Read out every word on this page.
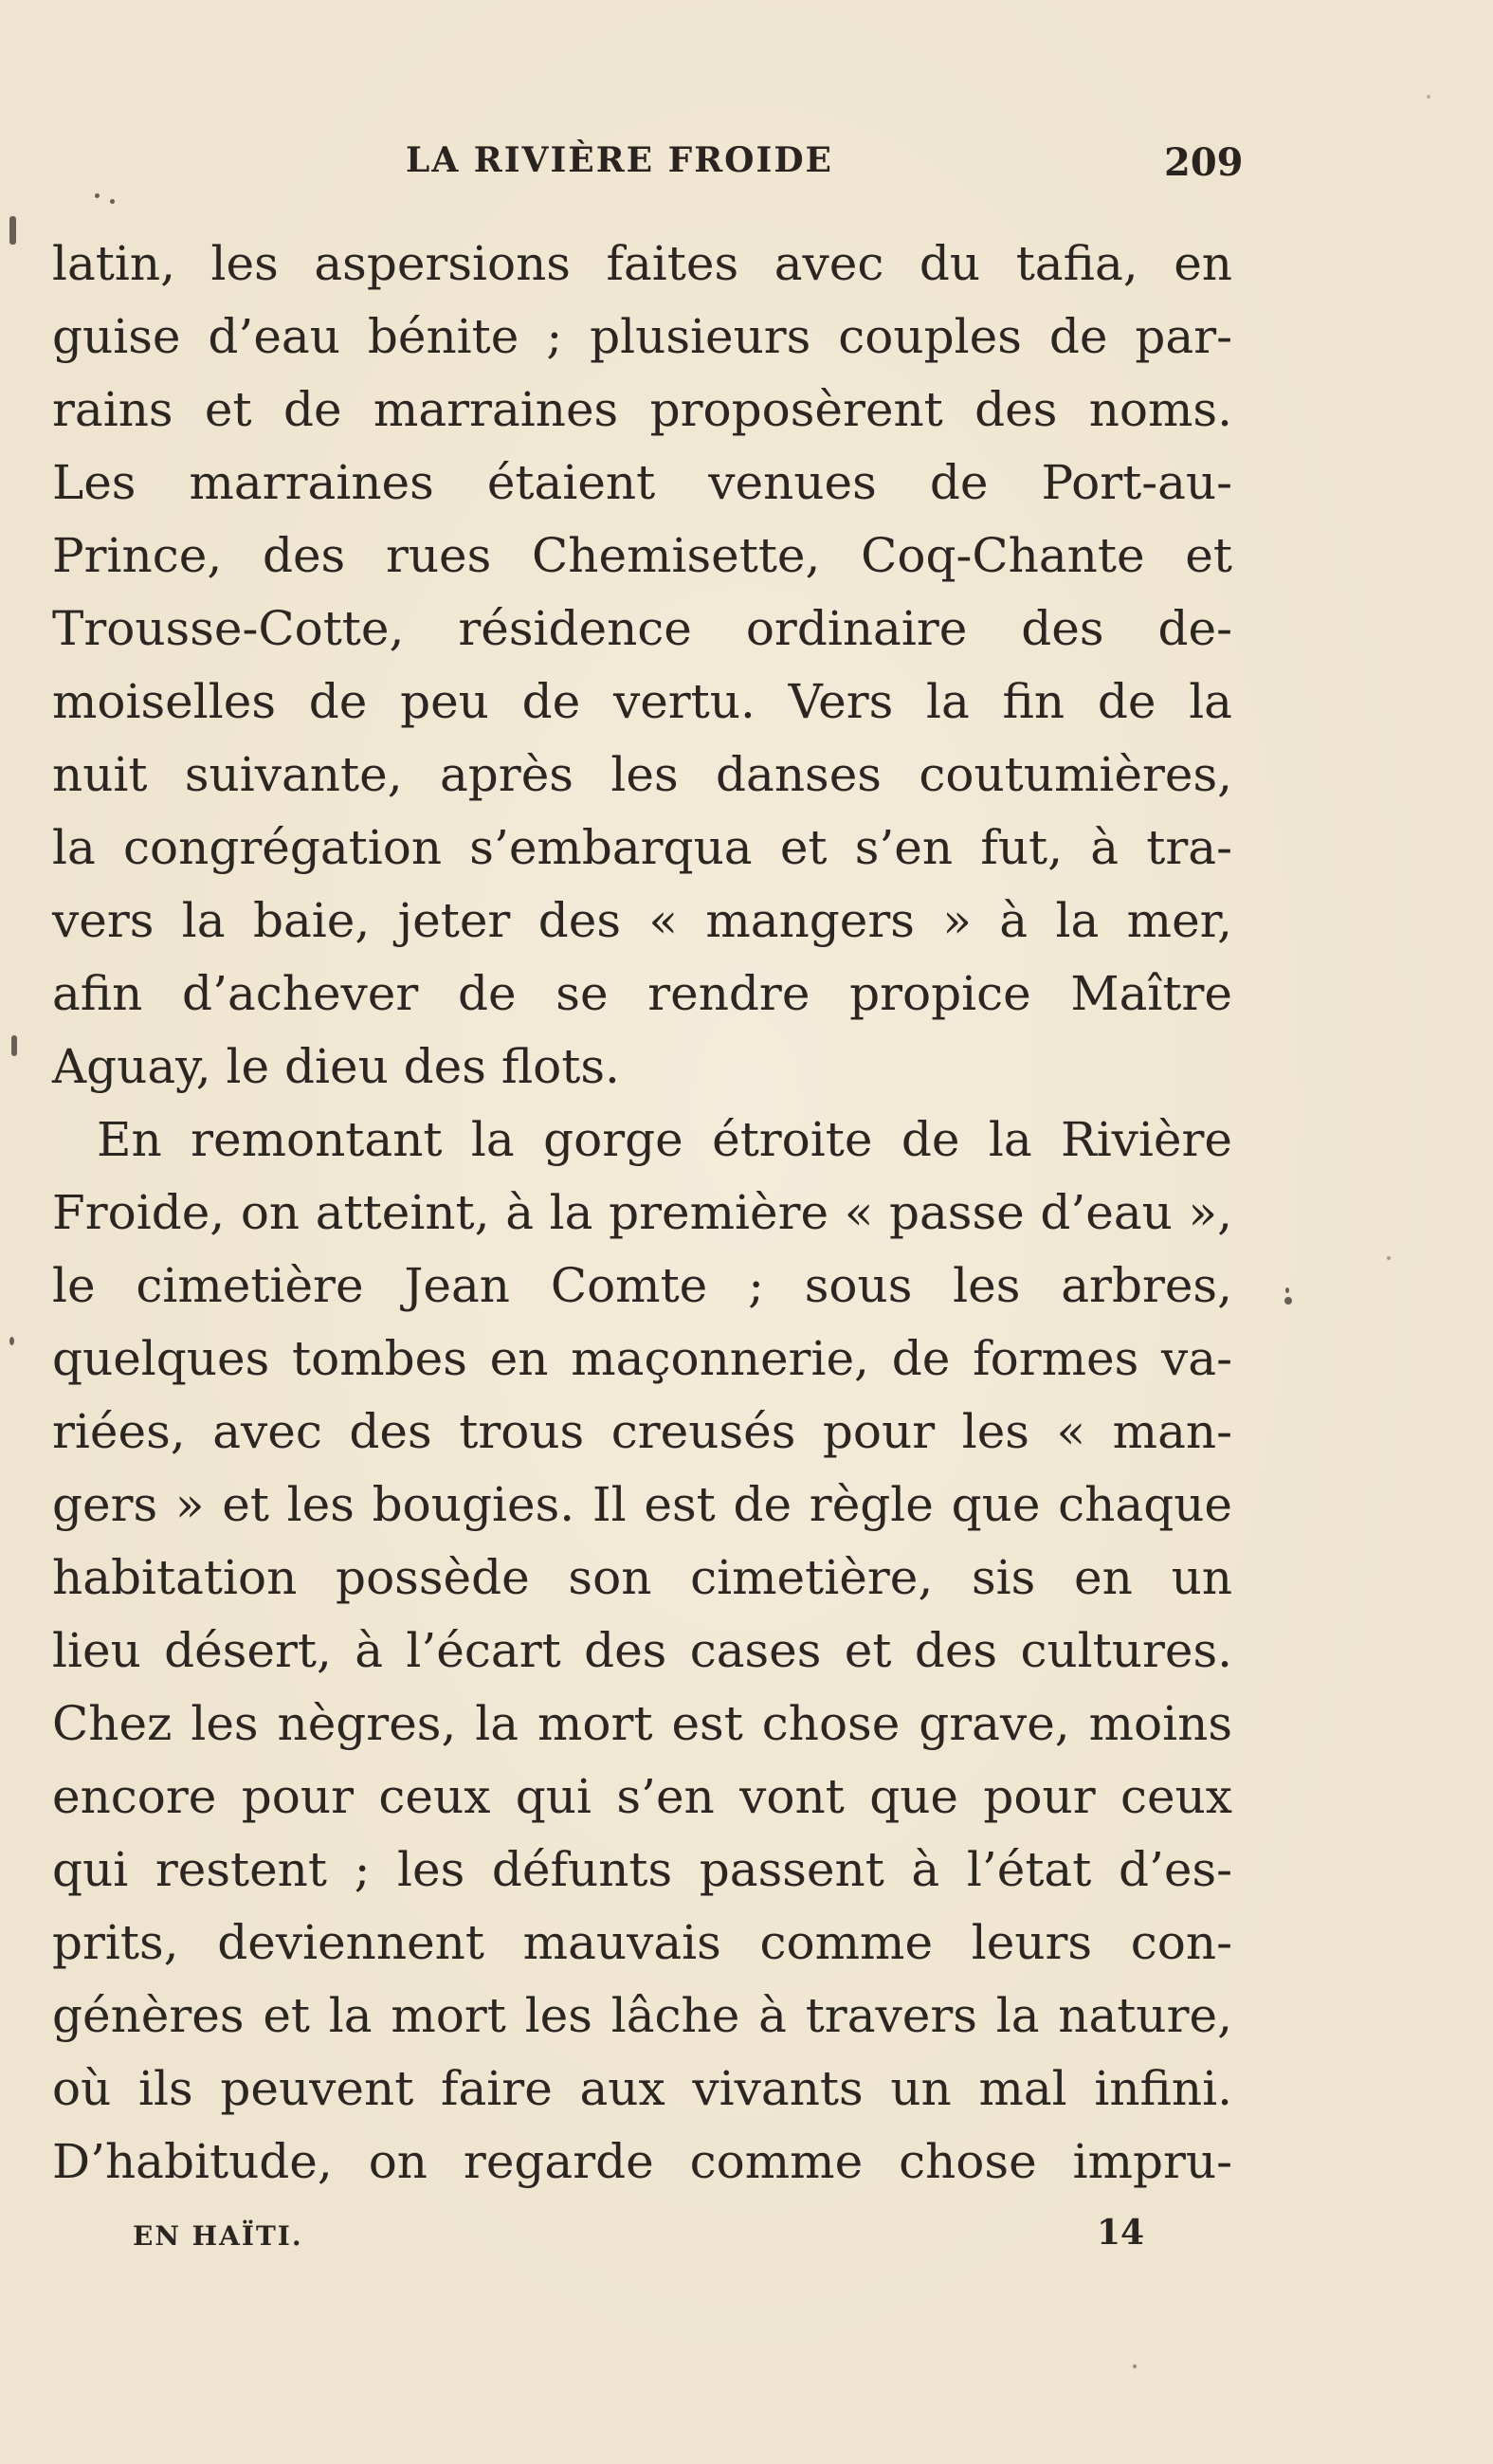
LA RIVIÈRE FROIDE	209
latin, les aspersions faites avec du tafia, en
guise d’eau bénite ; plusieurs couples de par-
rains et de marraines proposèrent des noms.
Les marraines étaient venues de Port-au-
Prince, des rues Chemisette, Coq-Chante et
Trousse-Cotte, résidence ordinaire des de-
moiselles de peu de vertu. Vers la fin de la
nuit suivante, après les danses coutumières,
la congrégation s’embarqua et s’en fut, à tra-
vers la baie, jeter des « mangers » à la mer,
afin d’achever de se rendre propice Maître
Aguay, le dieu des flots.
En remontant la gorge étroite de la Rivière
Froide, on atteint, à la première « passe d’eau »,
le cimetière Jean Comte ; sous les arbres,
quelques tombes en maçonnerie, de formes va-
riées, avec des trous creusés pour les « man-
gers » et les bougies. Il est de règle que chaque
habitation possède son cimetière, sis en un
lieu désert, à l’écart des cases et des cultures.
Chez les nègres, la mort est chose grave, moins
encore pour ceux qui s’en vont que pour ceux
qui restent ; les défunts passent à l’état d’es-
prits, deviennent mauvais comme leurs con-
génères et la mort les lâche à travers la nature,
où ils peuvent faire aux vivants un mal infini.
D’habitude, on regarde comme chose impru-
EN HAÏTI.	14
